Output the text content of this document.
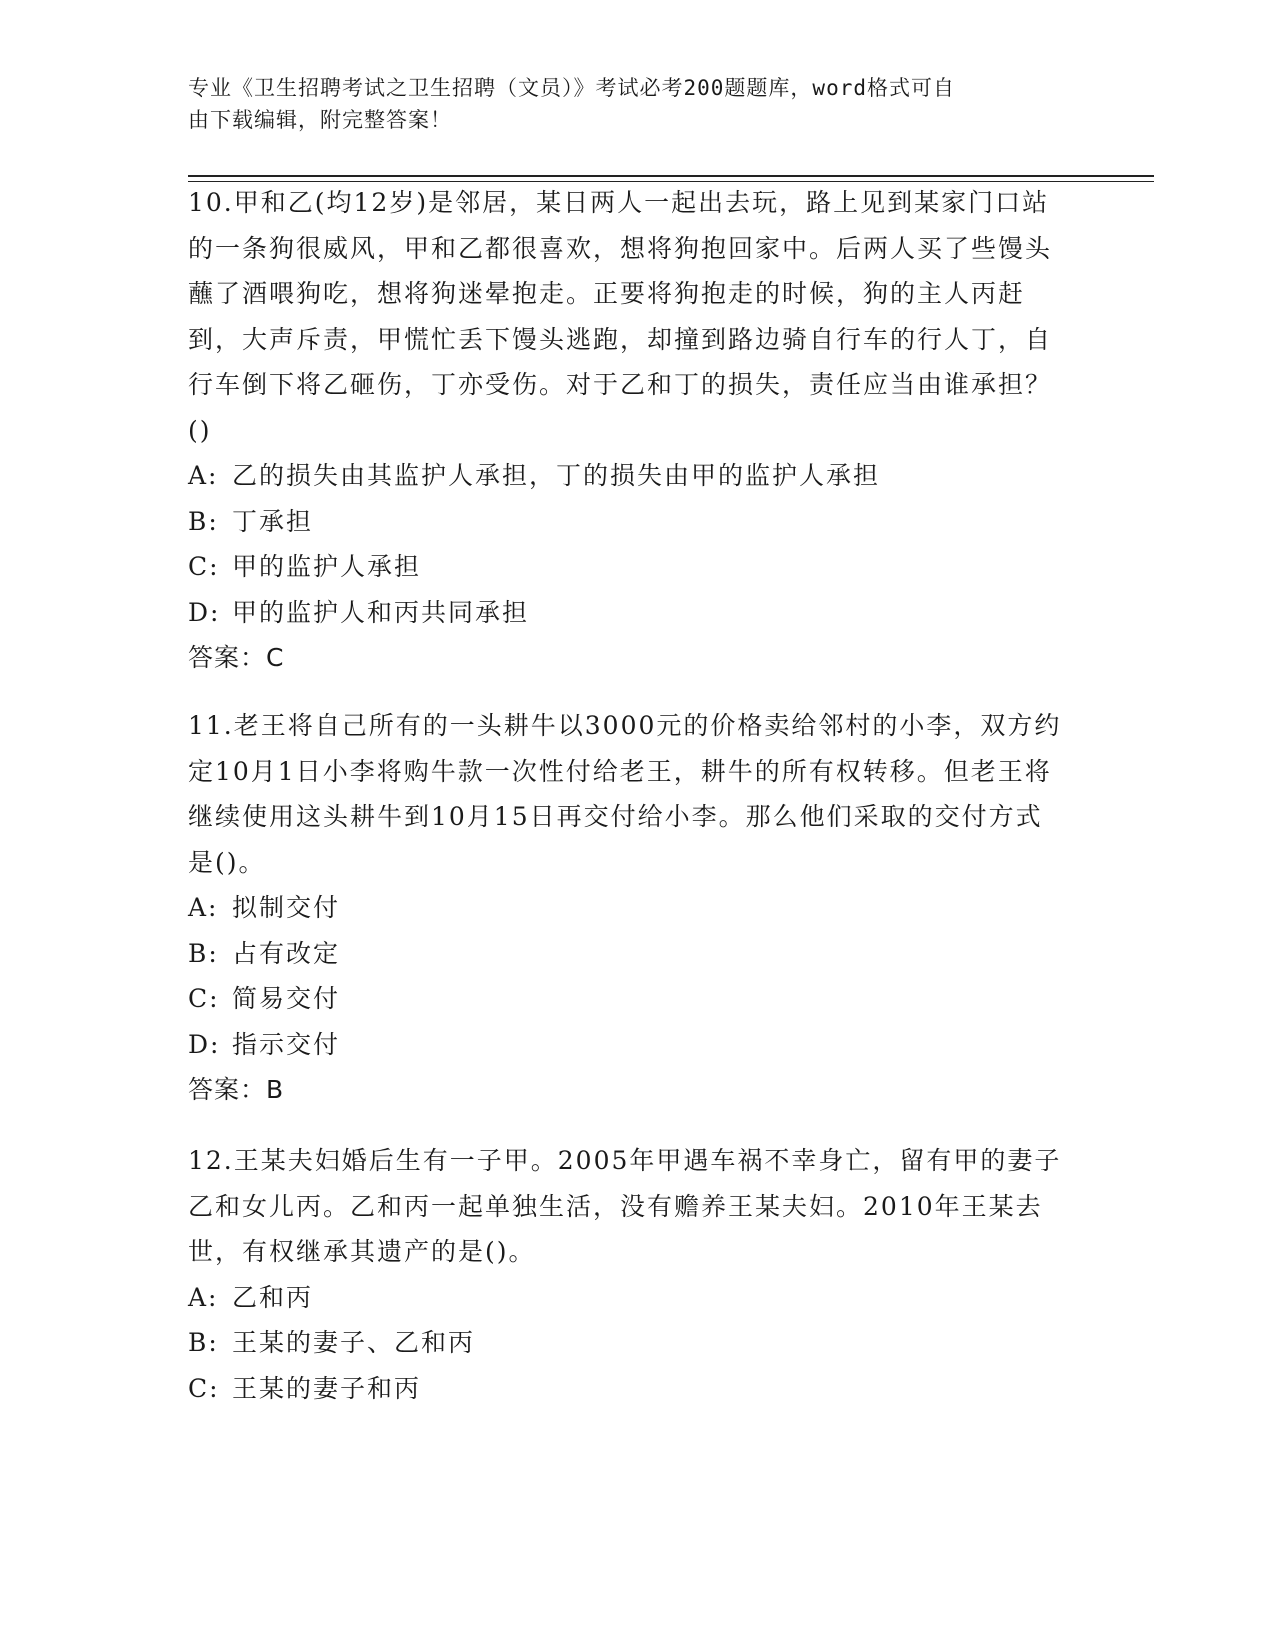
专业《卫生招聘考试之卫生招聘（文员）》考试必考200题题库，word格式可自
由下载编辑，附完整答案！

10.甲和乙(均12岁)是邻居，某日两人一起出去玩，路上见到某家门口站的一条狗很威风，甲和乙都很喜欢，想将狗抱回家中。后两人买了些馒头蘸了酒喂狗吃，想将狗迷晕抱走。正要将狗抱走的时候，狗的主人丙赶到，大声斥责，甲慌忙丢下馒头逃跑，却撞到路边骑自行车的行人丁，自行车倒下将乙砸伤，丁亦受伤。对于乙和丁的损失，责任应当由谁承担？()

A: 乙的损失由其监护人承担，丁的损失由甲的监护人承担

B: 丁承担

C: 甲的监护人承担

D: 甲的监护人和丙共同承担

答案：C

11.老王将自己所有的一头耕牛以3000元的价格卖给邻村的小李，双方约定10月1日小李将购牛款一次性付给老王，耕牛的所有权转移。但老王将继续使用这头耕牛到10月15日再交付给小李。那么他们采取的交付方式是()。

A: 拟制交付

B: 占有改定

C: 简易交付

D: 指示交付

答案：B

12.王某夫妇婚后生有一子甲。2005年甲遇车祸不幸身亡，留有甲的妻子乙和女儿丙。乙和丙一起单独生活，没有赡养王某夫妇。2010年王某去世，有权继承其遗产的是()。

A: 乙和丙

B: 王某的妻子、乙和丙

C: 王某的妻子和丙
